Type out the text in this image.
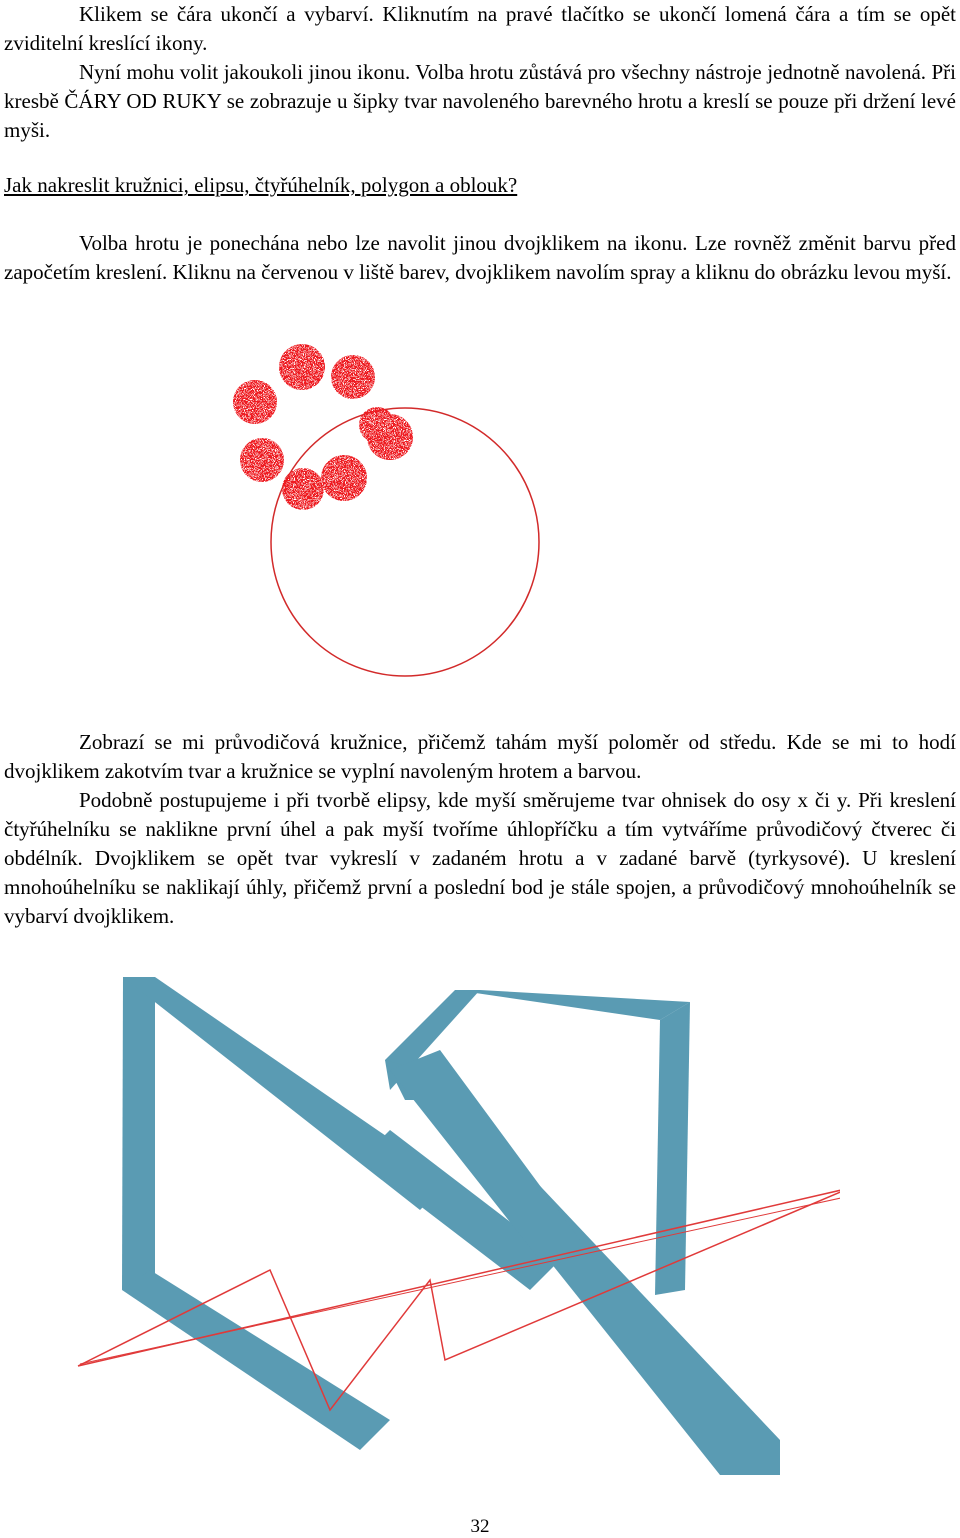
Klikem se čára ukončí a vybarví. Kliknutím na pravé tlačítko se ukončí lomená čára a tím se opět zviditelní kreslící ikony.

Nyní mohu volit jakoukoli jinou ikonu. Volba hrotu zůstává pro všechny nástroje jednotně navolená. Při kresbě ČÁRY OD RUKY se zobrazuje u šipky tvar navoleného barevného hrotu a kreslí se pouze při držení levé myši.

Jak nakreslit kružnici, elipsu, čtyřúhelník, polygon a oblouk?

Volba hrotu je ponechána nebo lze navolit jinou dvojklikem na ikonu. Lze rovněž změnit barvu před započetím kreslení. Kliknu na červenou v liště barev, dvojklikem navolím spray a kliknu do obrázku levou myší.

Zobrazí se mi průvodičová kružnice, přičemž tahám myší poloměr od středu. Kde se mi to hodí dvojklikem zakotvím tvar a kružnice se vyplní navoleným hrotem a barvou.

Podobně postupujeme i při tvorbě elipsy, kde myší směrujeme tvar ohnisek do osy x či y. Při kreslení čtyřúhelníku se naklikne první úhel a pak myší tvoříme úhlopříčku a tím vytváříme průvodičový čtverec či obdélník. Dvojklikem se opět tvar vykreslí v zadaném hrotu a v zadané barvě (tyrkysové). U kreslení mnohoúhelníku se naklikají úhly, přičemž první a poslední bod je stále spojen, a průvodičový mnohoúhelník se vybarví dvojklikem.

32
